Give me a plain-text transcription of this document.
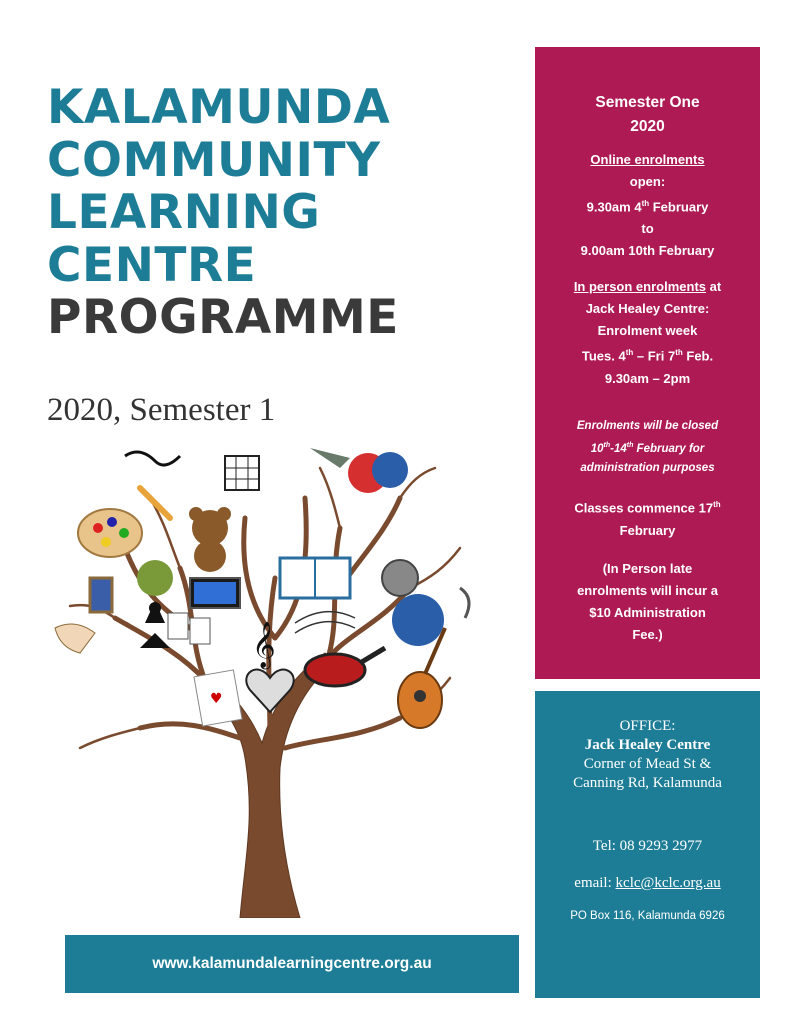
KALAMUNDA
COMMUNITY
LEARNING
CENTRE
PROGRAMME
2020, Semester 1
♥
𝄞

Semester One
2020

Online enrolments
open:
9.30am 4th February
to
9.00am 10th February

In person enrolments at
Jack Healey Centre:
Enrolment week
Tues. 4th – Fri 7th Feb.
9.30am – 2pm

Enrolments will be closed
10th-14th February for
administration purposes

Classes commence 17th
February

(In Person late
enrolments will incur a
$10 Administration
Fee.)

OFFICE:
Jack Healey Centre
Corner of Mead St &
Canning Rd, Kalamunda
Tel: 08 9293 2977
email: kclc@kclc.org.au
PO Box 116, Kalamunda 6926
www.kalamundalearningcentre.org.au
